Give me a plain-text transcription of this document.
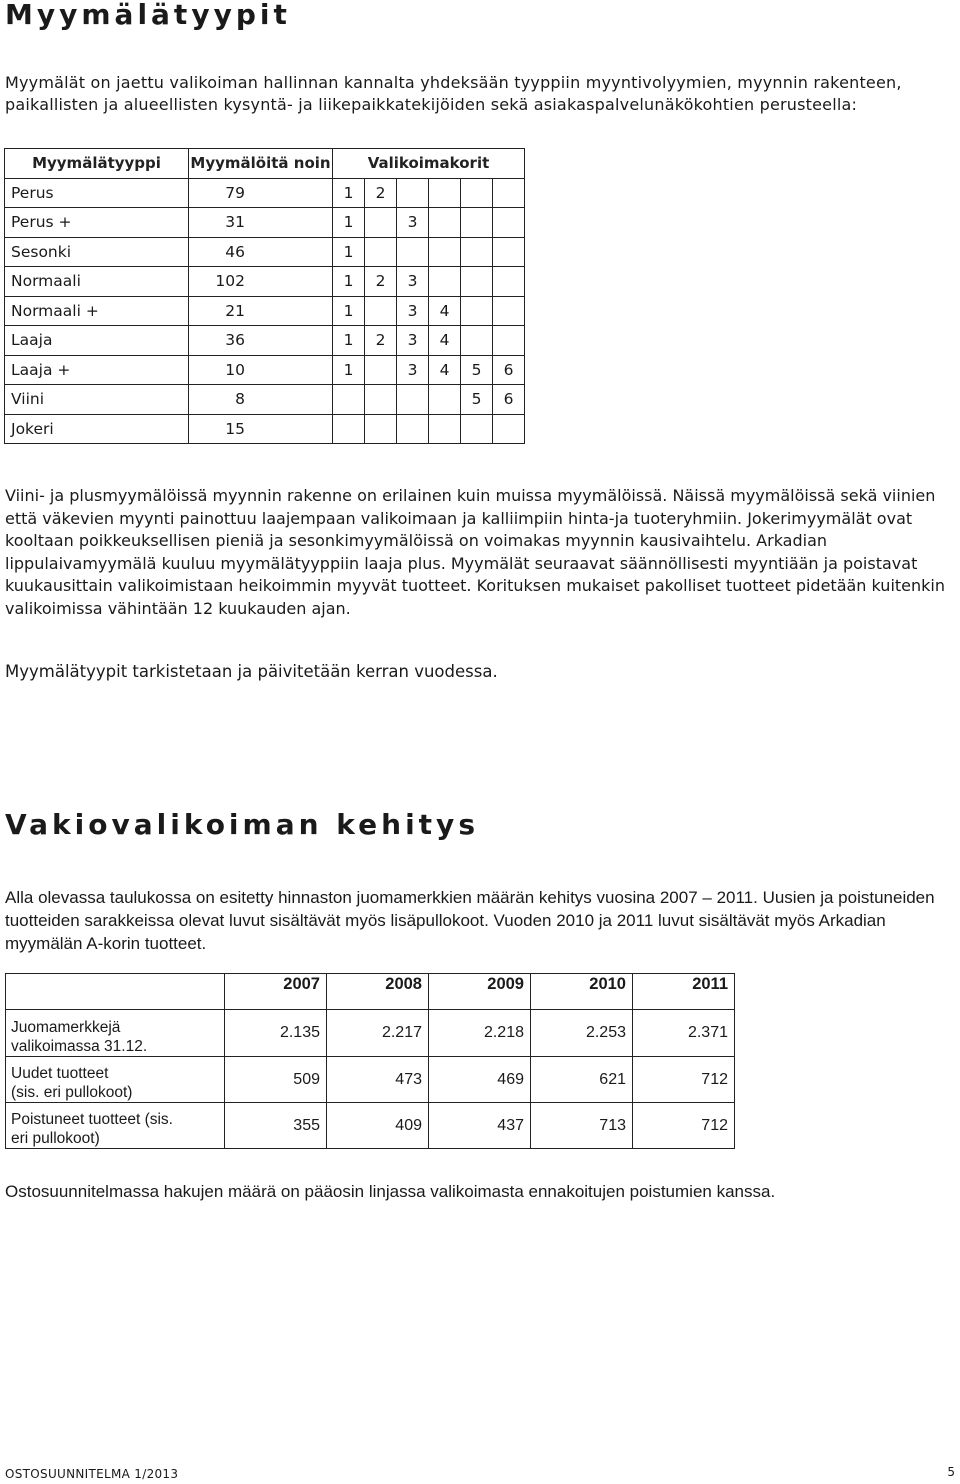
Myymälätyypit

Myymälät on jaettu valikoiman hallinnan kannalta yhdeksään tyyppiin myyntivolyymien, myynnin rakenteen, paikallisten ja alueellisten kysyntä- ja liikepaikkatekijöiden sekä asiakaspalvelunäkökohtien perusteella:

Myymälätyyppi	Myymälöitä noin	Valikoimakorit					
Perus	79	1	2				
Perus +	31	1		3			
Sesonki	46	1					
Normaali	102	1	2	3			
Normaali +	21	1		3	4		
Laaja	36	1	2	3	4		
Laaja +	10	1		3	4	5	6
Viini	8					5	6
Jokeri	15						

Viini- ja plusmyymälöissä myynnin rakenne on erilainen kuin muissa myymälöissä. Näissä myymälöissä sekä viinien että väkevien myynti painottuu laajempaan valikoimaan ja kalliimpiin hinta-ja tuoteryhmiin. Jokerimyymälät ovat kooltaan poikkeuksellisen pieniä ja sesonkimyymälöissä on voimakas myynnin kausivaihtelu. Arkadian lippulaivamyymälä kuuluu myymälätyyppiin laaja plus. Myymälät seuraavat säännöllisesti myyntiään ja poistavat kuukausittain valikoimistaan heikoimmin myyvät tuotteet. Korituksen mukaiset pakolliset tuotteet pidetään kuitenkin valikoimissa vähintään 12 kuukauden ajan.

Myymälätyypit tarkistetaan ja päivitetään kerran vuodessa.

Vakiovalikoiman kehitys

Alla olevassa taulukossa on esitetty hinnaston juomamerkkien määrän kehitys vuosina 2007 – 2011. Uusien ja poistuneiden tuotteiden sarakkeissa olevat luvut sisältävät myös lisäpullokoot. Vuoden 2010 ja 2011 luvut sisältävät myös Arkadian myymälän A-korin tuotteet.

	2007	2008	2009	2010	2011

Juomamerkkejä
valikoimassa 31.12.	2.135	2.217	2.218	2.253	2.371

Uudet tuotteet
(sis. eri pullokoot)	509	473	469	621	712

Poistuneet tuotteet (sis.
eri pullokoot)	355	409	437	713	712

Ostosuunnitelmassa hakujen määrä on pääosin linjassa valikoimasta ennakoitujen poistumien kanssa.

OSTOSUUNNITELMA 1/2013	5
